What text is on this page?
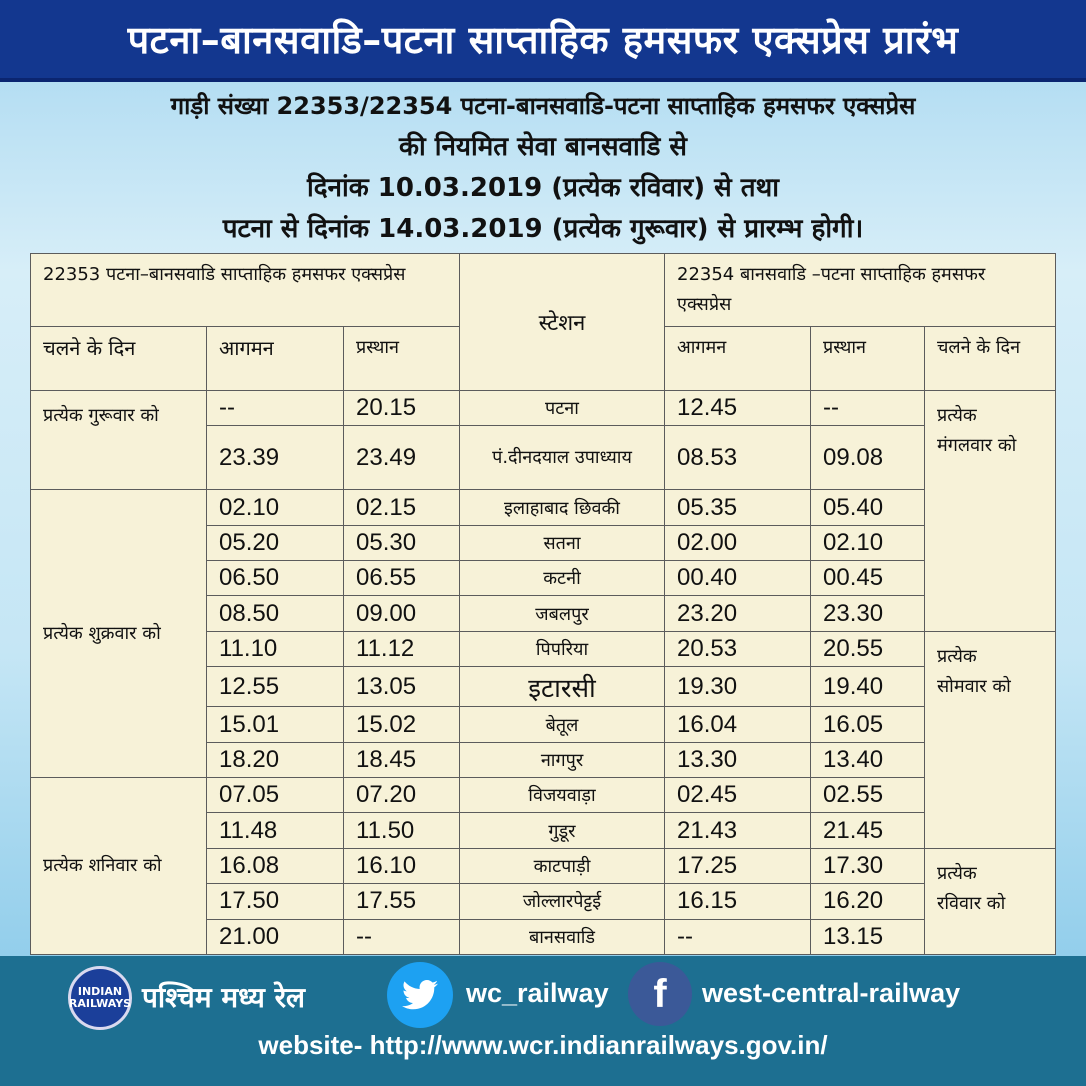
पटना–बानसवाडि–पटना साप्ताहिक हमसफर एक्सप्रेस प्रारंभ
गाड़ी संख्या 22353/22354 पटना-बानसवाडि-पटना साप्ताहिक हमसफर एक्सप्रेस
की नियमित सेवा बानसवाडि से
दिनांक 10.03.2019 (प्रत्येक रविवार) से तथा
पटना से दिनांक 14.03.2019 (प्रत्येक गुरूवार) से प्रारम्भ होगी।
22353 पटना–बानसवाडि साप्ताहिक हमसफर एक्सप्रेस			स्टेशन	22354 बानसवाडि –पटना साप्ताहिक हमसफर एक्सप्रेस		
चलने के दिन	आगमन	प्रस्थान		आगमन	प्रस्थान	चलने के दिन
प्रत्येक गुरूवार को	--	20.15	पटना	12.45	--	प्रत्येक मंगलवार को
	23.39	23.49	पं.दीनदयाल उपाध्याय	08.53	09.08	
प्रत्येक शुक्रवार को	02.10	02.15	इलाहाबाद छिवकी	05.35	05.40	
	05.20	05.30	सतना	02.00	02.10	
	06.50	06.55	कटनी	00.40	00.45	
	08.50	09.00	जबलपुर	23.20	23.30	
	11.10	11.12	पिपरिया	20.53	20.55	प्रत्येक सोमवार को
	12.55	13.05	इटारसी	19.30	19.40	
	15.01	15.02	बेतूल	16.04	16.05	
	18.20	18.45	नागपुर	13.30	13.40	
प्रत्येक शनिवार को	07.05	07.20	विजयवाड़ा	02.45	02.55	
	11.48	11.50	गुडूर	21.43	21.45	
	16.08	16.10	काटपाड़ी	17.25	17.30	प्रत्येक रविवार को
	17.50	17.55	जोल्लारपेट्टई	16.15	16.20	
	21.00	--	बानसवाडि	--	13.15	
INDIAN RAILWAYS पश्चिम मध्य रेल	wc_railway	f	west-central-railway
website- http://www.wcr.indianrailways.gov.in/
